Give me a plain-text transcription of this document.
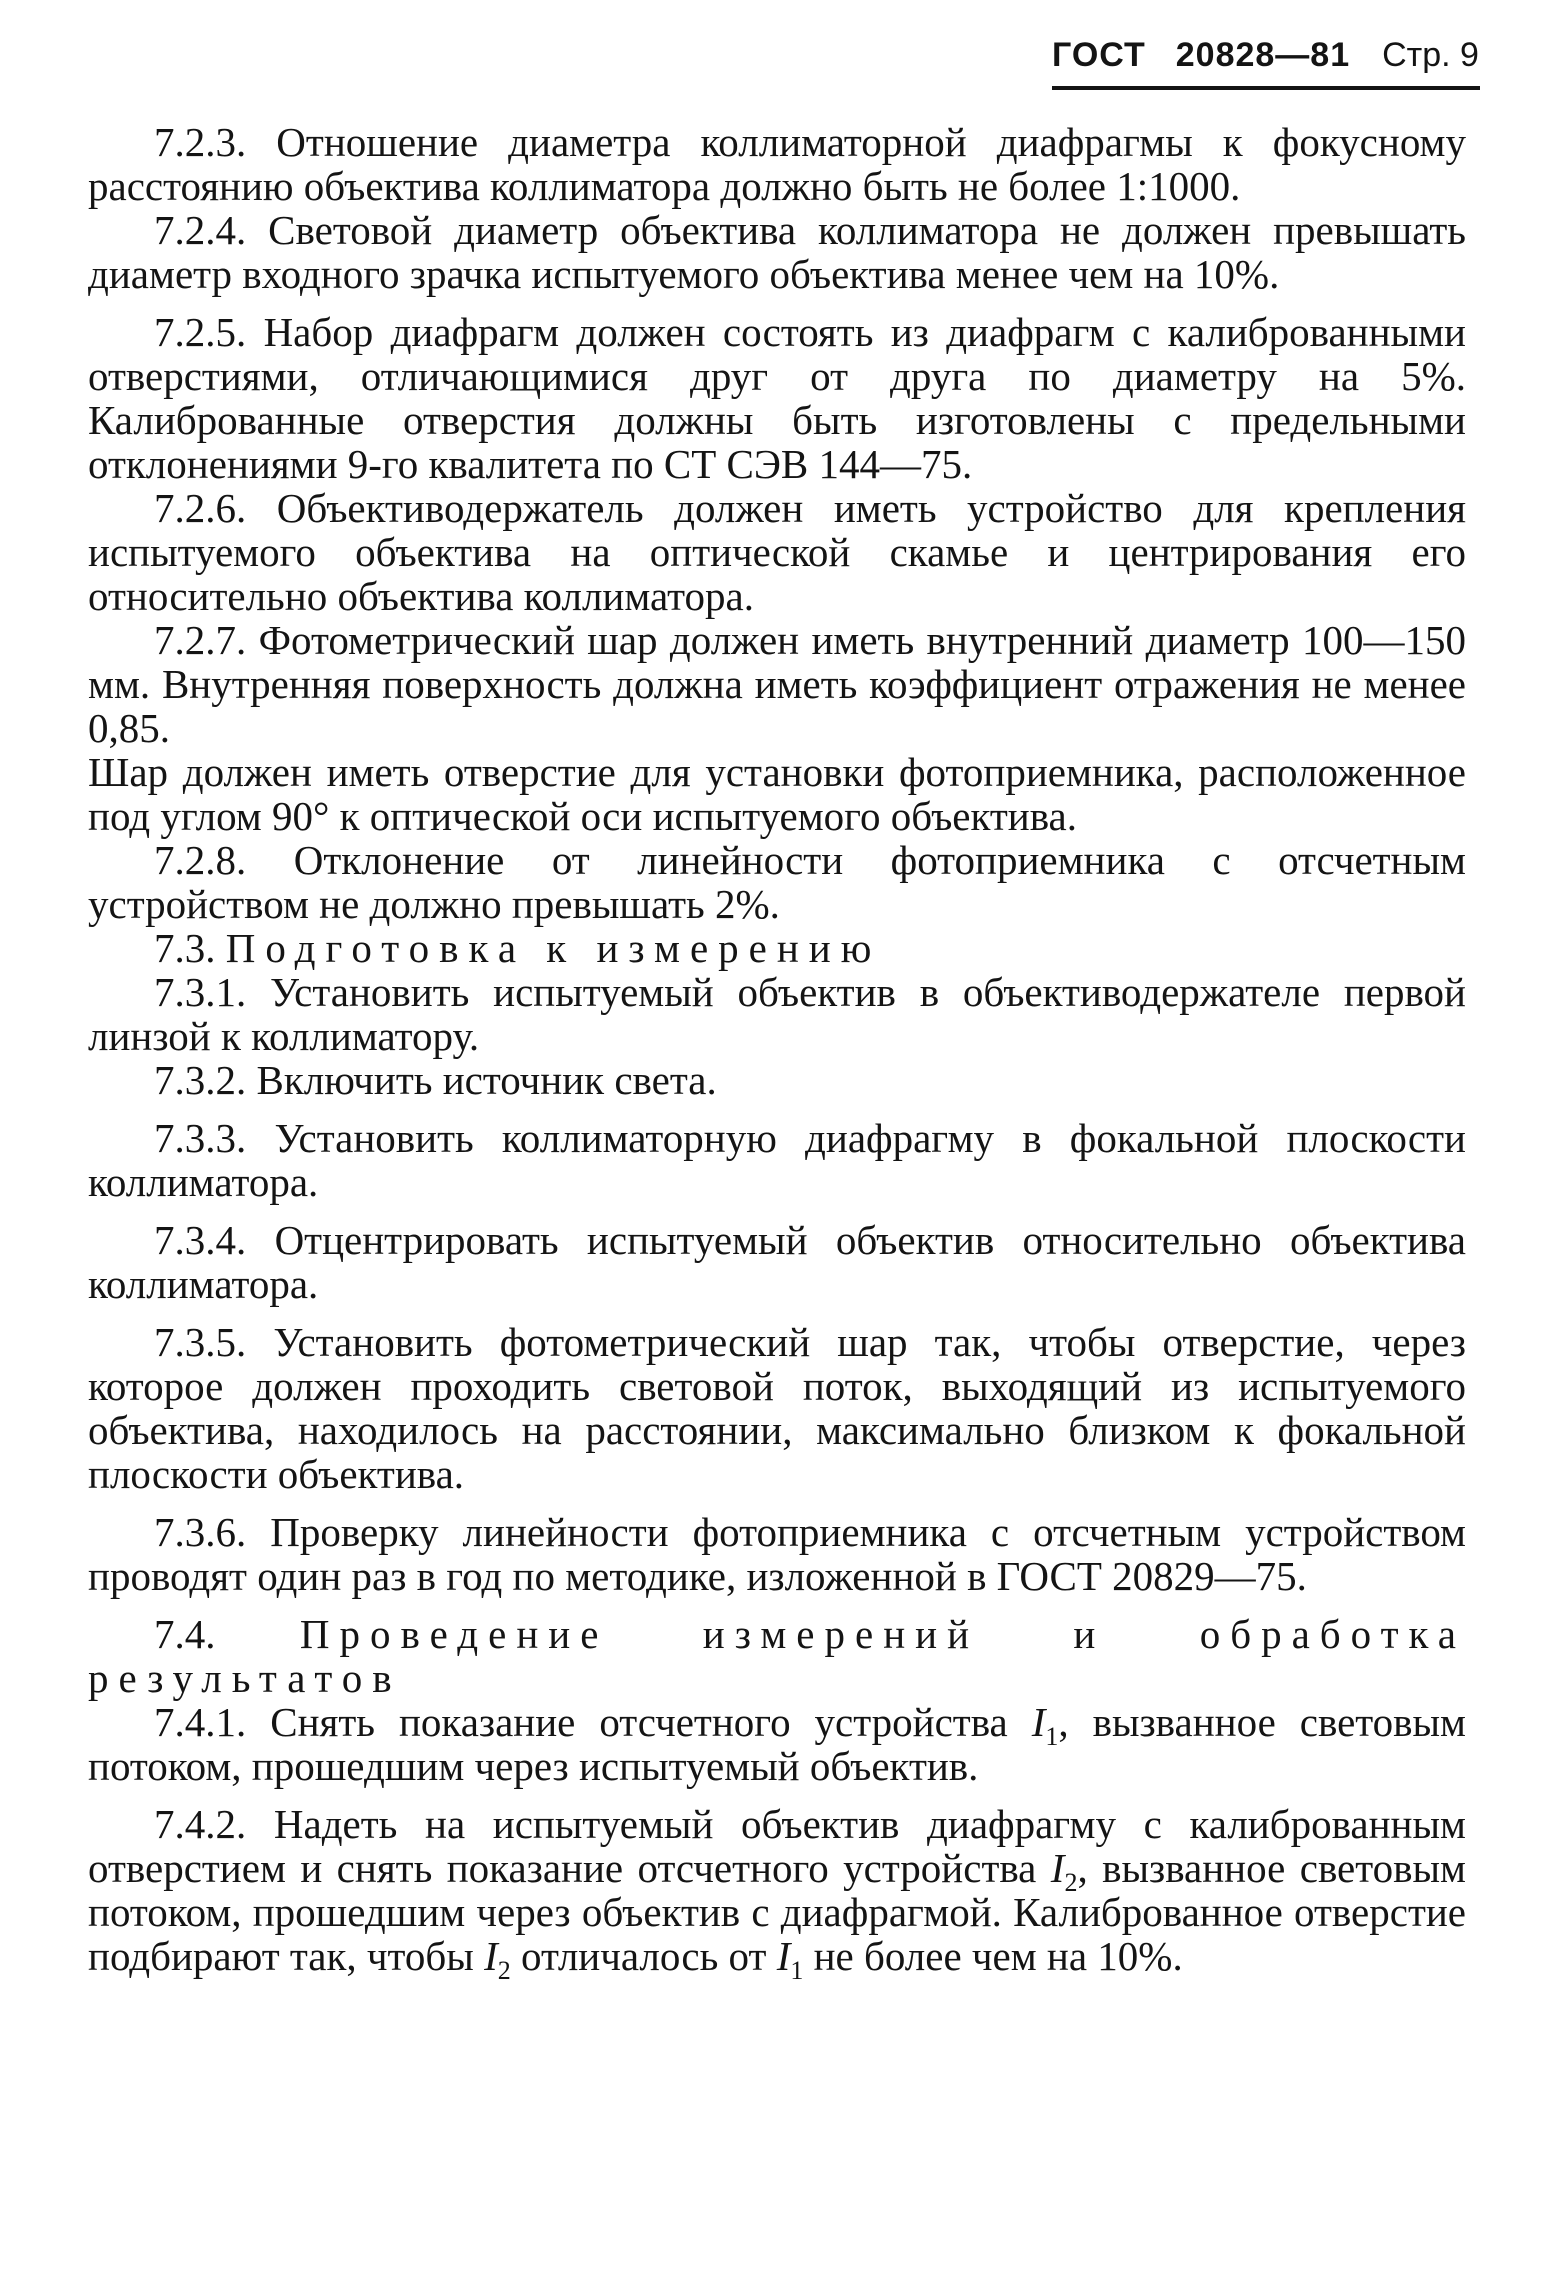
ГОСТ 20828—81 Стр. 9

7.2.3. Отношение диаметра коллиматорной диафрагмы к фокусному расстоянию объектива коллиматора должно быть не более 1:1000.

7.2.4. Световой диаметр объектива коллиматора не должен превышать диаметр входного зрачка испытуемого объектива менее чем на 10%.

7.2.5. Набор диафрагм должен состоять из диафрагм с калиброванными отверстиями, отличающимися друг от друга по диаметру на 5%. Калиброванные отверстия должны быть изготовлены с предельными отклонениями 9-го квалитета по СТ СЭВ 144—75.

7.2.6. Объективодержатель должен иметь устройство для крепления испытуемого объектива на оптической скамье и центрирования его относительно объектива коллиматора.

7.2.7. Фотометрический шар должен иметь внутренний диаметр 100—150 мм. Внутренняя поверхность должна иметь коэффициент отражения не менее 0,85.

Шар должен иметь отверстие для установки фотоприемника, расположенное под углом 90° к оптической оси испытуемого объектива.

7.2.8. Отклонение от линейности фотоприемника с отсчетным устройством не должно превышать 2%.

7.3. Подготовка к измерению

7.3.1. Установить испытуемый объектив в объективодержателе первой линзой к коллиматору.

7.3.2. Включить источник света.

7.3.3. Установить коллиматорную диафрагму в фокальной плоскости коллиматора.

7.3.4. Отцентрировать испытуемый объектив относительно объектива коллиматора.

7.3.5. Установить фотометрический шар так, чтобы отверстие, через которое должен проходить световой поток, выходящий из испытуемого объектива, находилось на расстоянии, максимально близком к фокальной плоскости объектива.

7.3.6. Проверку линейности фотоприемника с отсчетным устройством проводят один раз в год по методике, изложенной в ГОСТ 20829—75.

7.4. Проведение измерений и обработка результатов

7.4.1. Снять показание отсчетного устройства $I_1$, вызванное световым потоком, прошедшим через испытуемый объектив.

7.4.2. Надеть на испытуемый объектив диафрагму с калиброванным отверстием и снять показание отсчетного устройства $I_2$, вызванное световым потоком, прошедшим через объектив с диафрагмой. Калиброванное отверстие подбирают так, чтобы $I_2$ отличалось от $I_1$ не более чем на 10%.
